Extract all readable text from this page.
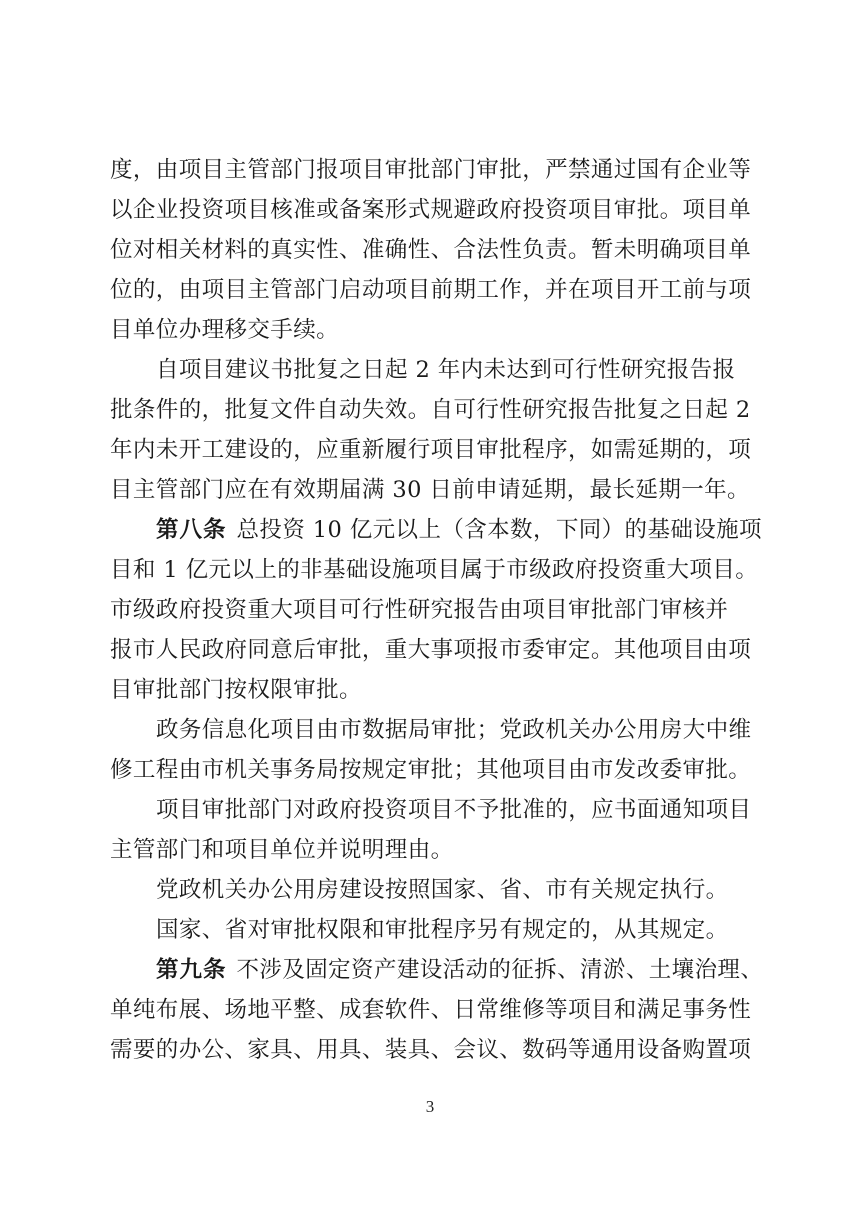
度，由项目主管部门报项目审批部门审批，严禁通过国有企业等
以企业投资项目核准或备案形式规避政府投资项目审批。项目单
位对相关材料的真实性、准确性、合法性负责。暂未明确项目单
位的，由项目主管部门启动项目前期工作，并在项目开工前与项
目单位办理移交手续。
自项目建议书批复之日起 2 年内未达到可行性研究报告报
批条件的，批复文件自动失效。自可行性研究报告批复之日起 2
年内未开工建设的，应重新履行项目审批程序，如需延期的，项
目主管部门应在有效期届满 30 日前申请延期，最长延期一年。
第八条 总投资 10 亿元以上（含本数，下同）的基础设施项
目和 1 亿元以上的非基础设施项目属于市级政府投资重大项目。
市级政府投资重大项目可行性研究报告由项目审批部门审核并
报市人民政府同意后审批，重大事项报市委审定。其他项目由项
目审批部门按权限审批。
政务信息化项目由市数据局审批；党政机关办公用房大中维
修工程由市机关事务局按规定审批；其他项目由市发改委审批。
项目审批部门对政府投资项目不予批准的，应书面通知项目
主管部门和项目单位并说明理由。
党政机关办公用房建设按照国家、省、市有关规定执行。
国家、省对审批权限和审批程序另有规定的，从其规定。
第九条 不涉及固定资产建设活动的征拆、清淤、土壤治理、
单纯布展、场地平整、成套软件、日常维修等项目和满足事务性
需要的办公、家具、用具、装具、会议、数码等通用设备购置项
3
